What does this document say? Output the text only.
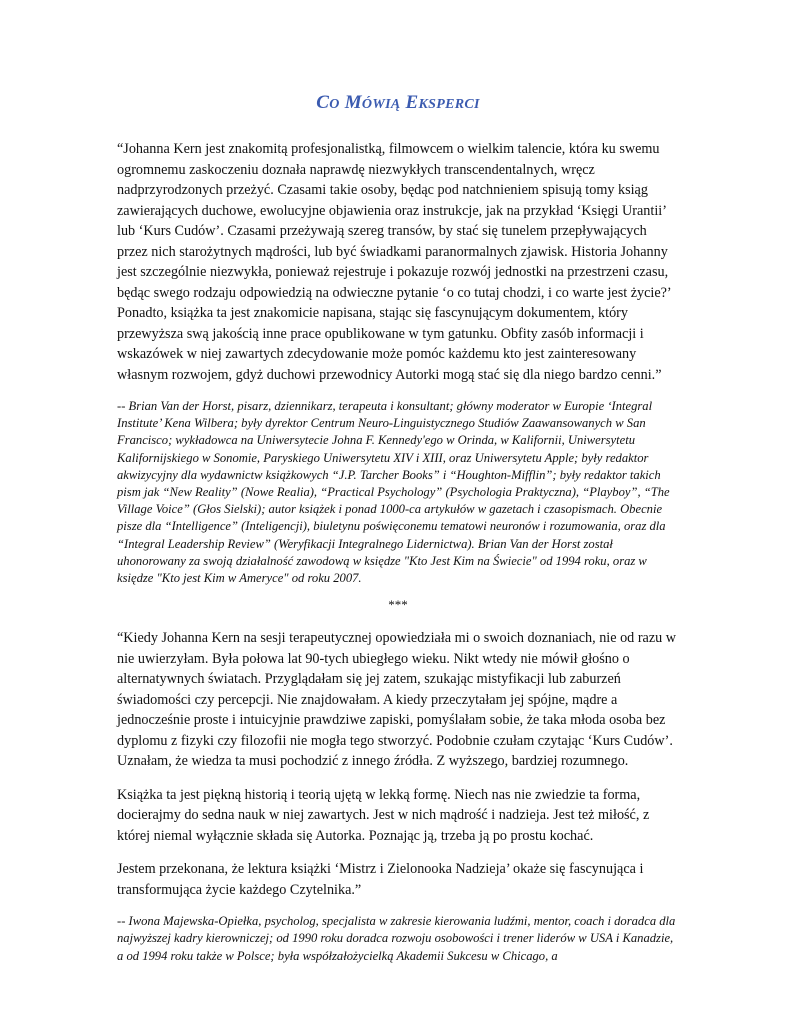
CO MÓWIĄ EKSPERCI

“Johanna Kern jest znakomitą profesjonalistką, filmowcem o wielkim talencie, która ku swemu ogromnemu zaskoczeniu doznała naprawdę niezwykłych transcendentalnych, wręcz nadprzyrodzonych przeżyć. Czasami takie osoby, będąc pod natchnieniem spisują tomy ksiąg zawierających duchowe, ewolucyjne objawienia oraz instrukcje, jak na przykład ‘Księgi Urantii’ lub ‘Kurs Cudów’. Czasami przeżywają szereg transów, by stać się tunelem przepływających przez nich starożytnych mądrości, lub być świadkami paranormalnych zjawisk. Historia Johanny jest szczególnie niezwykła, ponieważ rejestruje i pokazuje rozwój jednostki na przestrzeni czasu, będąc swego rodzaju odpowiedzią na odwieczne pytanie ‘o co tutaj chodzi, i co warte jest życie?’ Ponadto, książka ta jest znakomicie napisana, stając się fascynującym dokumentem, który przewyższa swą jakością inne prace opublikowane w tym gatunku. Obfity zasób informacji i wskazówek w niej zawartych zdecydowanie może pomóc każdemu kto jest zainteresowany własnym rozwojem, gdyż duchowi przewodnicy Autorki mogą stać się dla niego bardzo cenni.”

-- Brian Van der Horst, pisarz, dziennikarz, terapeuta i konsultant; główny moderator w Europie ‘Integral Institute’ Kena Wilbera; były dyrektor Centrum Neuro-Linguistycznego Studiów Zaawansowanych w San Francisco; wykładowca na Uniwersytecie Johna F. Kennedy'ego w Orinda, w Kalifornii, Uniwersytetu Kalifornijskiego w Sonomie, Paryskiego Uniwersytetu XIV i XIII, oraz Uniwersytetu Apple; były redaktor akwizycyjny dla wydawnictw książkowych “J.P. Tarcher Books” i “Houghton-Mifflin”; były redaktor takich pism jak “New Reality” (Nowe Realia), “Practical Psychology” (Psychologia Praktyczna), “Playboy”, “The Village Voice” (Głos Sielski); autor książek i ponad 1000-ca artykułów w gazetach i czasopismach. Obecnie pisze dla “Intelligence” (Inteligencji), biuletynu poświęconemu tematowi neuronów i rozumowania, oraz dla “Integral Leadership Review” (Weryfikacji Integralnego Lidernictwa). Brian Van der Horst został uhonorowany za swoją działalność zawodową w księdze "Kto Jest Kim na Świecie" od 1994 roku, oraz w księdze "Kto jest Kim w Ameryce" od roku 2007.

***

“Kiedy Johanna Kern na sesji terapeutycznej opowiedziała mi o swoich doznaniach, nie od razu w nie uwierzyłam. Była połowa lat 90-tych ubiegłego wieku. Nikt wtedy nie mówił głośno o alternatywnych światach. Przyglądałam się jej zatem, szukając mistyfikacji lub zaburzeń świadomości czy percepcji. Nie znajdowałam. A kiedy przeczytałam jej spójne, mądre a jednocześnie proste i intuicyjnie prawdziwe zapiski, pomyślałam sobie, że taka młoda osoba bez dyplomu z fizyki czy filozofii nie mogła tego stworzyć. Podobnie czułam czytając ‘Kurs Cudów’. Uznałam, że wiedza ta musi pochodzić z innego źródła. Z wyższego, bardziej rozumnego.

Książka ta jest piękną historią i teorią ujętą w lekką formę. Niech nas nie zwiedzie ta forma, docierajmy do sedna nauk w niej zawartych. Jest w nich mądrość i nadzieja. Jest też miłość, z której niemal wyłącznie składa się Autorka. Poznając ją, trzeba ją po prostu kochać.

Jestem przekonana, że lektura książki ‘Mistrz i Zielonooka Nadzieja’ okaże się fascynująca i transformująca życie każdego Czytelnika.”

-- Iwona Majewska-Opiełka, psycholog, specjalista w zakresie kierowania ludźmi, mentor, coach i doradca dla najwyższej kadry kierowniczej; od 1990 roku doradca rozwoju osobowości i trener liderów w USA i Kanadzie, a od 1994 roku także w Polsce; była współzałożycielką Akademii Sukcesu w Chicago, a
